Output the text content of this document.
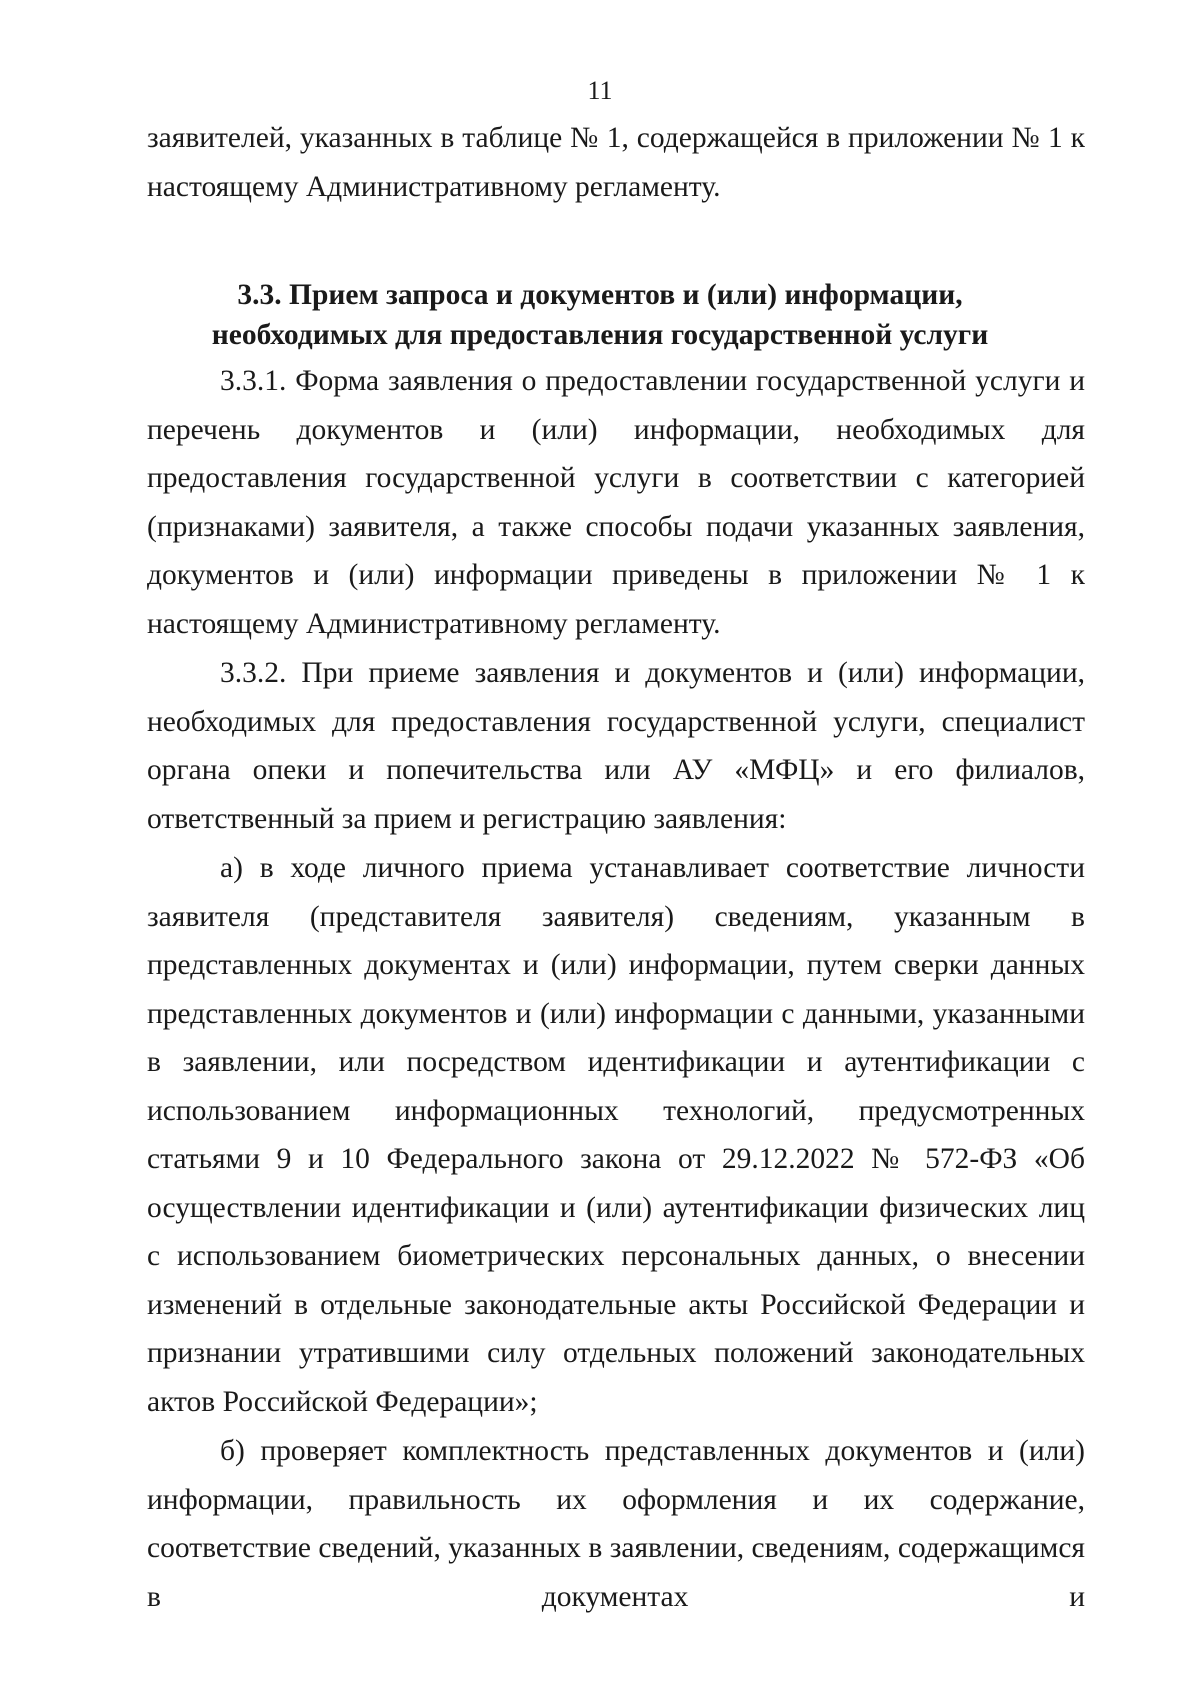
11

заявителей, указанных в таблице № 1, содержащейся в приложении № 1 к настоящему Административному регламенту.

3.3. Прием запроса и документов и (или) информации,
необходимых для предоставления государственной услуги

3.3.1. Форма заявления о предоставлении государственной услуги и перечень документов и (или) информации, необходимых для предоставления государственной услуги в соответствии с категорией (признаками) заявителя, а также способы подачи указанных заявления, документов и (или) информации приведены в приложении № 1 к настоящему Административному регламенту.

3.3.2. При приеме заявления и документов и (или) информации, необходимых для предоставления государственной услуги, специалист органа опеки и попечительства или АУ «МФЦ» и его филиалов, ответственный за прием и регистрацию заявления:

а) в ходе личного приема устанавливает соответствие личности заявителя (представителя заявителя) сведениям, указанным в представленных документах и (или) информации, путем сверки данных представленных документов и (или) информации с данными, указанными в заявлении, или посредством идентификации и аутентификации с использованием информационных технологий, предусмотренных статьями 9 и 10 Федерального закона от 29.12.2022 № 572-ФЗ «Об осуществлении идентификации и (или) аутентификации физических лиц с использованием биометрических персональных данных, о внесении изменений в отдельные законодательные акты Российской Федерации и признании утратившими силу отдельных положений законодательных актов Российской Федерации»;

б) проверяет комплектность представленных документов и (или) информации, правильность их оформления и их содержание, соответствие сведений, указанных в заявлении, сведениям, содержащимся в документах и
